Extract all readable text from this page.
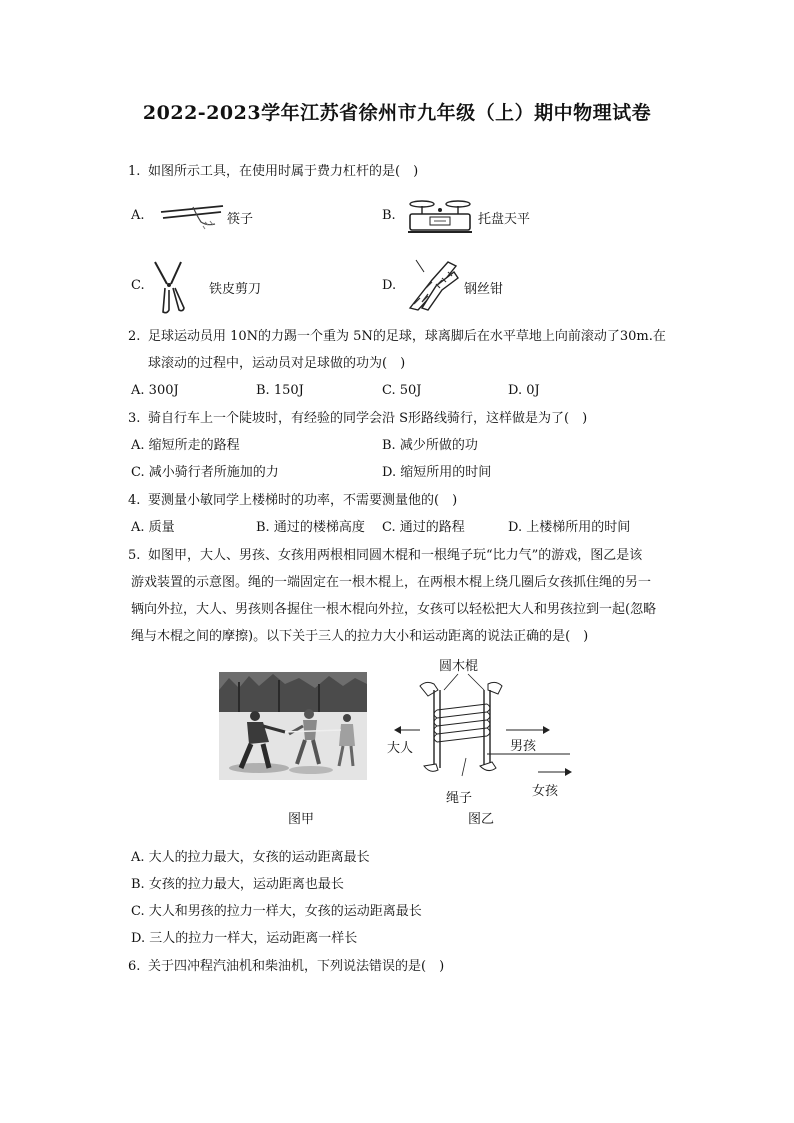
2022-2023学年江苏省徐州市九年级（上）期中物理试卷
1. 如图所示工具，在使用时属于费力杠杆的是(　)
A.	筷子	B.	托盘天平
C.	铁皮剪刀	D.	钢丝钳
2. 足球运动员用 10N的力踢一个重为 5N的足球，球离脚后在水平草地上向前滚动了30m.在
球滚动的过程中，运动员对足球做的功为(　)
A. 300J	B. 150J	C. 50J	D. 0J
3. 骑自行车上一个陡坡时，有经验的同学会沿 S形路线骑行，这样做是为了(　)
A. 缩短所走的路程	B. 减少所做的功
C. 减小骑行者所施加的力	D. 缩短所用的时间
4. 要测量小敏同学上楼梯时的功率，不需要测量他的(　)
A. 质量	B. 通过的楼梯高度 C. 通过的路程	D. 上楼梯所用的时间
5. 如图甲，大人、男孩、女孩用两根相同圆木棍和一根绳子玩“比力气”的游戏，图乙是该
游戏装置的示意图。绳的一端固定在一根木棍上，在两根木棍上绕几圈后女孩抓住绳的另一
辆向外拉，大人、男孩则各握住一根木棍向外拉，女孩可以轻松把大人和男孩拉到一起(忽略
绳与木棍之间的摩擦)。以下关于三人的拉力大小和运动距离的说法正确的是(　)
图甲
圆木棍
大人	男孩
绳子	女孩
图乙
A. 大人的拉力最大，女孩的运动距离最长
B. 女孩的拉力最大，运动距离也最长
C. 大人和男孩的拉力一样大，女孩的运动距离最长
D. 三人的拉力一样大，运动距离一样长
6. 关于四冲程汽油机和柴油机，下列说法错误的是(　)
